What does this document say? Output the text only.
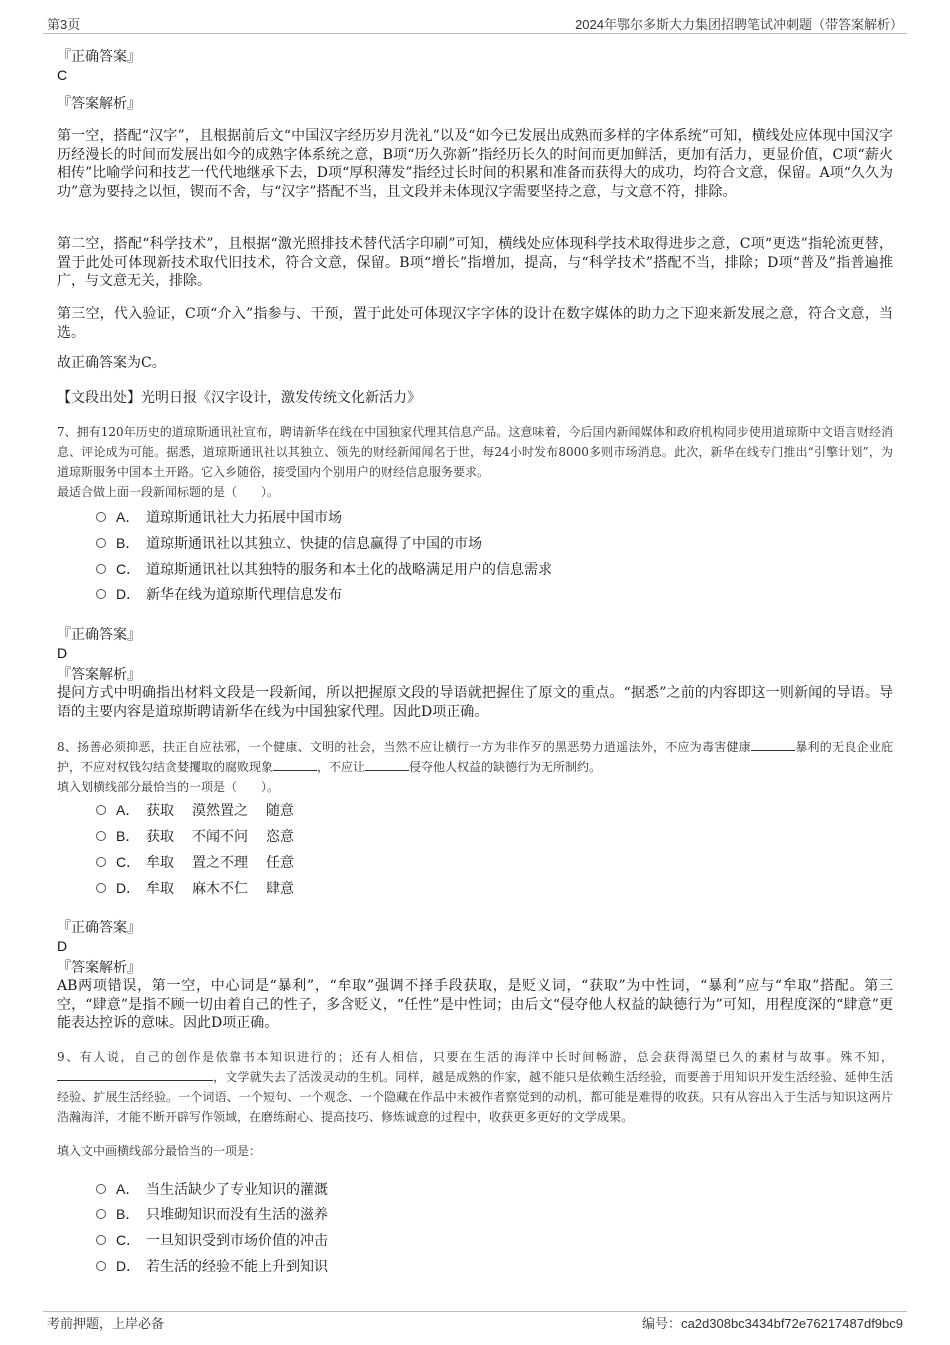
第3页	2024年鄂尔多斯大力集团招聘笔试冲刺题（带答案解析）
『正确答案』
C
『答案解析』
第一空，搭配“汉字”，且根据前后文“中国汉字经历岁月洗礼”以及“如今已发展出成熟而多样的字体系统”可知，横线处应体现中国汉字历经漫长的时间而发展出如今的成熟字体系统之意，B项“历久弥新”指经历长久的时间而更加鲜活，更加有活力，更显价值，C项“薪火相传”比喻学问和技艺一代代地继承下去，D项“厚积薄发”指经过长时间的积累和准备而获得大的成功，均符合文意，保留。A项“久久为功”意为要持之以恒，锲而不舍，与“汉字”搭配不当，且文段并未体现汉字需要坚持之意，与文意不符，排除。
第二空，搭配“科学技术”，且根据“激光照排技术替代活字印刷”可知，横线处应体现科学技术取得进步之意，C项“更迭”指轮流更替，置于此处可体现新技术取代旧技术，符合文意，保留。B项“增长”指增加，提高，与“科学技术”搭配不当，排除；D项“普及”指普遍推广，与文意无关，排除。
第三空，代入验证，C项“介入”指参与、干预，置于此处可体现汉字字体的设计在数字媒体的助力之下迎来新发展之意，符合文意，当选。
故正确答案为C。
【文段出处】光明日报《汉字设计，激发传统文化新活力》
7、拥有120年历史的道琼斯通讯社宣布，聘请新华在线在中国独家代理其信息产品。这意味着，今后国内新闻媒体和政府机构同步使用道琼斯中文语言财经消息、评论成为可能。据悉，道琼斯通讯社以其独立、领先的财经新闻闻名于世，每24小时发布8000多则市场消息。此次，新华在线专门推出“引擎计划”，为道琼斯服务中国本土开路。它入乡随俗，接受国内个别用户的财经信息服务要求。
最适合做上面一段新闻标题的是（　　）。
A． 道琼斯通讯社大力拓展中国市场
B． 道琼斯通讯社以其独立、快捷的信息赢得了中国的市场
C． 道琼斯通讯社以其独特的服务和本土化的战略满足用户的信息需求
D． 新华在线为道琼斯代理信息发布
『正确答案』
D
『答案解析』
提问方式中明确指出材料文段是一段新闻，所以把握原文段的导语就把握住了原文的重点。“据悉”之前的内容即这一则新闻的导语。导语的主要内容是道琼斯聘请新华在线为中国独家代理。因此D项正确。
8、扬善必须抑恶，扶正自应祛邪，一个健康、文明的社会，当然不应让横行一方为非作歹的黑恶势力逍遥法外，不应为毒害健康	暴利的无良企业庇护，不应对权钱勾结贪婪攫取的腐败现象	，不应让	侵夺他人权益的缺德行为无所制约。
填入划横线部分最恰当的一项是（　　）。
A． 获取 漠然置之 随意
B． 获取 不闻不问 恣意
C． 牟取 置之不理 任意
D． 牟取 麻木不仁 肆意
『正确答案』
D
『答案解析』
AB两项错误，第一空，中心词是“暴利”，“牟取”强调不择手段获取，是贬义词，“获取”为中性词，“暴利”应与“牟取”搭配。第三空，“肆意”是指不顾一切由着自己的性子，多含贬义，“任性”是中性词；由后文“侵夺他人权益的缺德行为”可知，用程度深的“肆意”更能表达控诉的意味。因此D项正确。
9、有人说，自己的创作是依靠书本知识进行的；还有人相信，只要在生活的海洋中长时间畅游，总会获得渴望已久的素材与故事。殊不知，，文学就失去了活泼灵动的生机。同样，越是成熟的作家，越不能只是依赖生活经验，而要善于用知识开发生活经验、延伸生活经验、扩展生活经验。一个词语、一个短句、一个观念、一个隐藏在作品中未被作者察觉到的动机，都可能是难得的收获。只有从容出入于生活与知识这两片浩瀚海洋，才能不断开辟写作领域，在磨练耐心、提高技巧、修炼诚意的过程中，收获更多更好的文学成果。
填入文中画横线部分最恰当的一项是：
A． 当生活缺少了专业知识的灌溉
B． 只堆砌知识而没有生活的滋养
C． 一旦知识受到市场价值的冲击
D． 若生活的经验不能上升到知识
考前押题，上岸必备	编号：ca2d308bc3434bf72e76217487df9bc9
